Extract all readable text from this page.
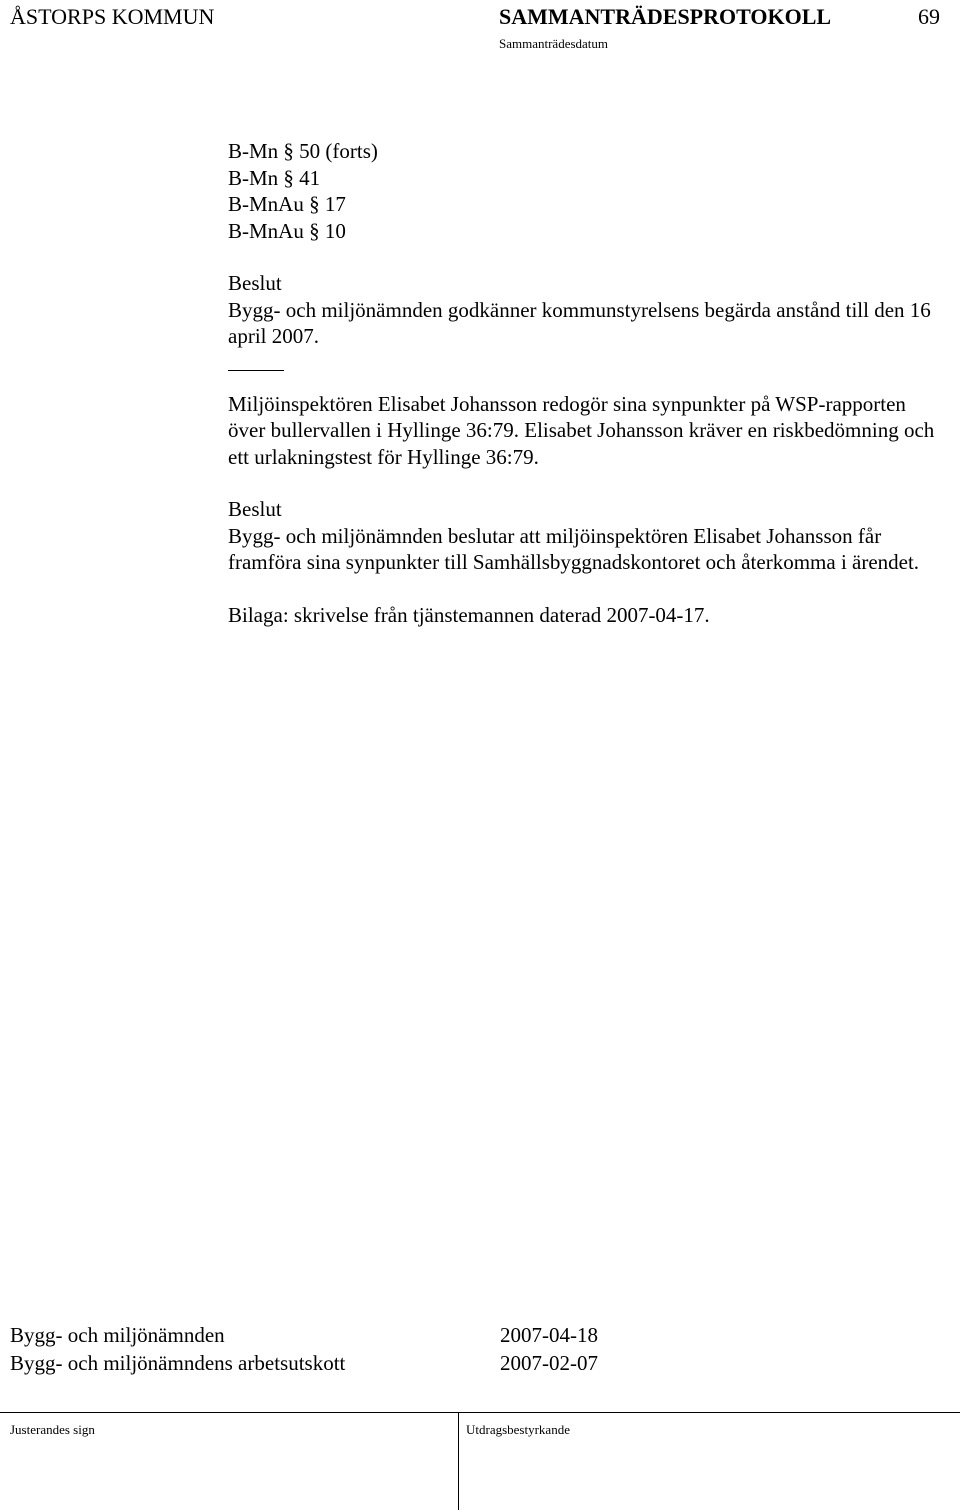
ÅSTORPS KOMMUN	SAMMANTRÄDESPROTOKOLL	69
Sammanträdesdatum

B-Mn § 50 (forts)

B-Mn § 41

B-MnAu § 17

B-MnAu § 10

Beslut

Bygg- och miljönämnden godkänner kommunstyrelsens begärda anstånd till den 16 april 2007.

Miljöinspektören Elisabet Johansson redogör sina synpunkter på WSP-rapporten över bullervallen i Hyllinge 36:79. Elisabet Johansson kräver en riskbedömning och ett urlakningstest för Hyllinge 36:79.

Beslut

Bygg- och miljönämnden beslutar att miljöinspektören Elisabet Johansson får framföra sina synpunkter till Samhällsbyggnadskontoret och återkomma i ärendet.

Bilaga: skrivelse från tjänstemannen daterad 2007-04-17.

Bygg- och miljönämnden	2007-04-18
Bygg- och miljönämndens arbetsutskott	2007-02-07
Justerandes sign	Utdragsbestyrkande
